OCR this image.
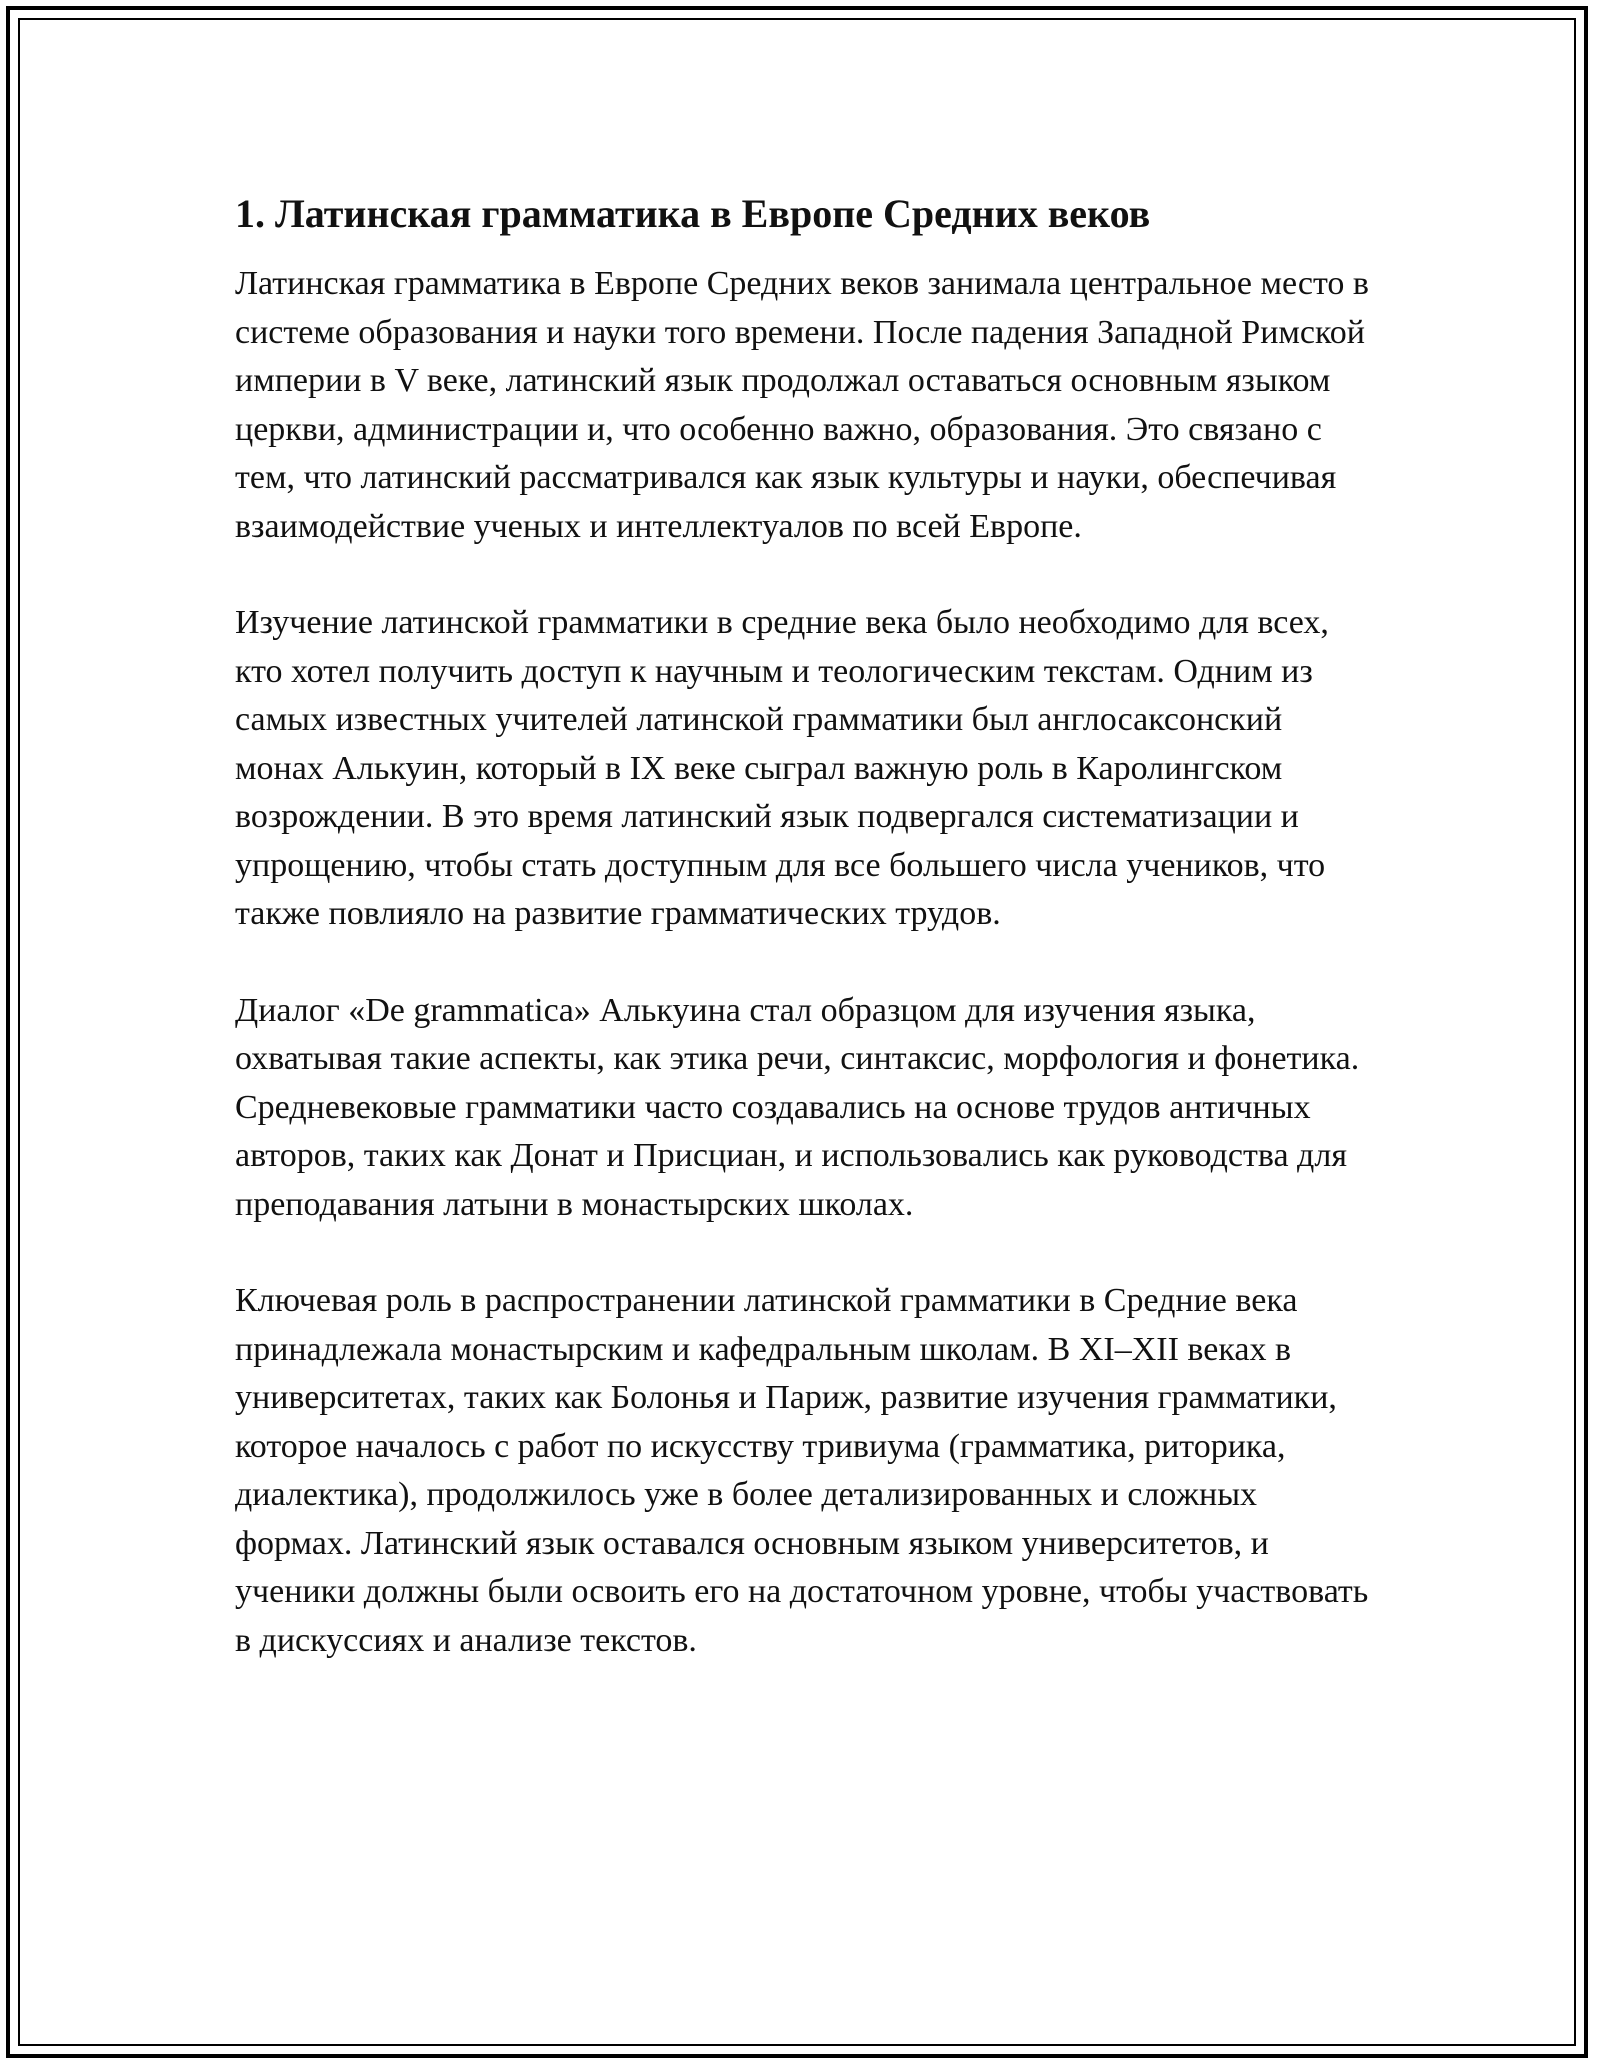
1. Латинская грамматика в Европе Средних веков

Латинская грамматика в Европе Средних веков занимала центральное место в системе образования и науки того времени. После падения Западной Римской империи в V веке, латинский язык продолжал оставаться основным языком церкви, администрации и, что особенно важно, образования. Это связано с тем, что латинский рассматривался как язык культуры и науки, обеспечивая взаимодействие ученых и интеллектуалов по всей Европе.

Изучение латинской грамматики в средние века было необходимо для всех, кто хотел получить доступ к научным и теологическим текстам. Одним из самых известных учителей латинской грамматики был англосаксонский монах Алькуин, который в IX веке сыграл важную роль в Каролингском возрождении. В это время латинский язык подвергался систематизации и упрощению, чтобы стать доступным для все большего числа учеников, что также повлияло на развитие грамматических трудов.

Диалог «De grammatica» Алькуина стал образцом для изучения языка, охватывая такие аспекты, как этика речи, синтаксис, морфология и фонетика. Средневековые грамматики часто создавались на основе трудов античных авторов, таких как Донат и Присциан, и использовались как руководства для преподавания латыни в монастырских школах.

Ключевая роль в распространении латинской грамматики в Средние века принадлежала монастырским и кафедральным школам. В XI–XII веках в университетах, таких как Болонья и Париж, развитие изучения грамматики, которое началось с работ по искусству тривиума (грамматика, риторика, диалектика), продолжилось уже в более детализированных и сложных формах. Латинский язык оставался основным языком университетов, и ученики должны были освоить его на достаточном уровне, чтобы участвовать в дискуссиях и анализе текстов.
